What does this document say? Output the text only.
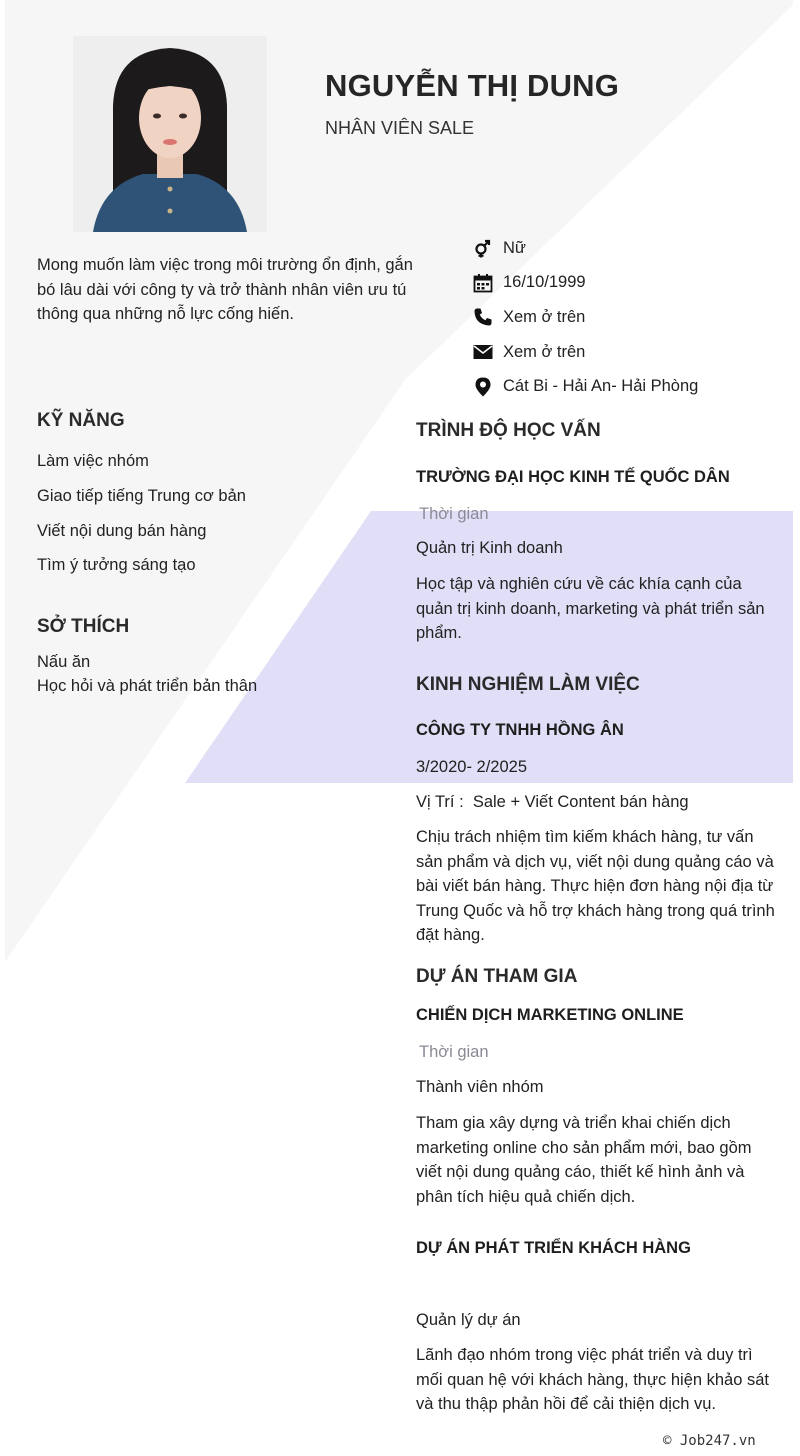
NGUYỄN THỊ DUNG
NHÂN VIÊN SALE
Mong muốn làm việc trong môi trường ổn định, gắn bó lâu dài với công ty và trở thành nhân viên ưu tú thông qua những nỗ lực cống hiến.
Nữ
16/10/1999
Xem ở trên
Xem ở trên
Cát Bi - Hải An- Hải Phòng
KỸ NĂNG
Làm việc nhóm
Giao tiếp tiếng Trung cơ bản
Viết nội dung bán hàng
Tìm ý tưởng sáng tạo
SỞ THÍCH
Nấu ăn
Học hỏi và phát triển bản thân
TRÌNH ĐỘ HỌC VẤN
TRƯỜNG ĐẠI HỌC KINH TẾ QUỐC DÂN
Thời gian
Quản trị Kinh doanh
Học tập và nghiên cứu về các khía cạnh của quản trị kinh doanh, marketing và phát triển sản phẩm.
KINH NGHIỆM LÀM VIỆC
CÔNG TY TNHH HỒNG ÂN
3/2020- 2/2025
Vị Trí :  Sale + Viết Content bán hàng
Chịu trách nhiệm tìm kiếm khách hàng, tư vấn sản phẩm và dịch vụ, viết nội dung quảng cáo và bài viết bán hàng. Thực hiện đơn hàng nội địa từ Trung Quốc và hỗ trợ khách hàng trong quá trình đặt hàng.
DỰ ÁN THAM GIA
CHIẾN DỊCH MARKETING ONLINE
Thời gian
Thành viên nhóm
Tham gia xây dựng và triển khai chiến dịch marketing online cho sản phẩm mới, bao gồm viết nội dung quảng cáo, thiết kế hình ảnh và phân tích hiệu quả chiến dịch.
DỰ ÁN PHÁT TRIỂN KHÁCH HÀNG
Quản lý dự án
Lãnh đạo nhóm trong việc phát triển và duy trì mối quan hệ với khách hàng, thực hiện khảo sát và thu thập phản hồi để cải thiện dịch vụ.
© Job247.vn
